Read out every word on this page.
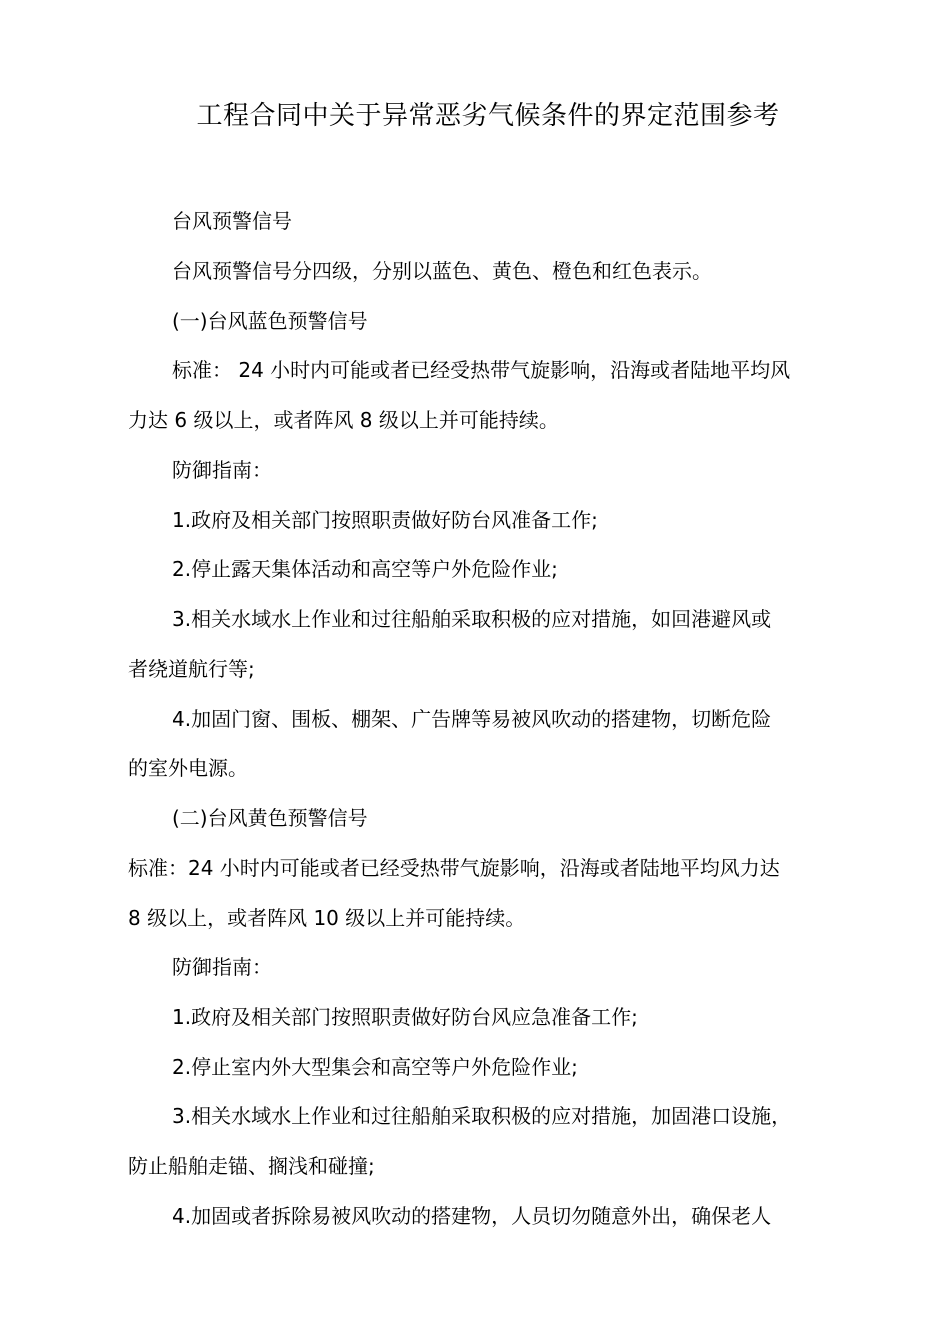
工程合同中关于异常恶劣气候条件的界定范围参考
台风预警信号
台风预警信号分四级，分别以蓝色、黄色、橙色和红色表示。
(一)台风蓝色预警信号
标准： 24 小时内可能或者已经受热带气旋影响，沿海或者陆地平均风
力达 6 级以上，或者阵风 8 级以上并可能持续。
防御指南：
1.政府及相关部门按照职责做好防台风准备工作;
2.停止露天集体活动和高空等户外危险作业;
3.相关水域水上作业和过往船舶采取积极的应对措施，如回港避风或
者绕道航行等;
4.加固门窗、围板、棚架、广告牌等易被风吹动的搭建物，切断危险
的室外电源。
(二)台风黄色预警信号
标准：24 小时内可能或者已经受热带气旋影响，沿海或者陆地平均风力达
8 级以上，或者阵风 10 级以上并可能持续。
防御指南：
1.政府及相关部门按照职责做好防台风应急准备工作;
2.停止室内外大型集会和高空等户外危险作业;
3.相关水域水上作业和过往船舶采取积极的应对措施，加固港口设施，
防止船舶走锚、搁浅和碰撞;
4.加固或者拆除易被风吹动的搭建物，人员切勿随意外出，确保老人
